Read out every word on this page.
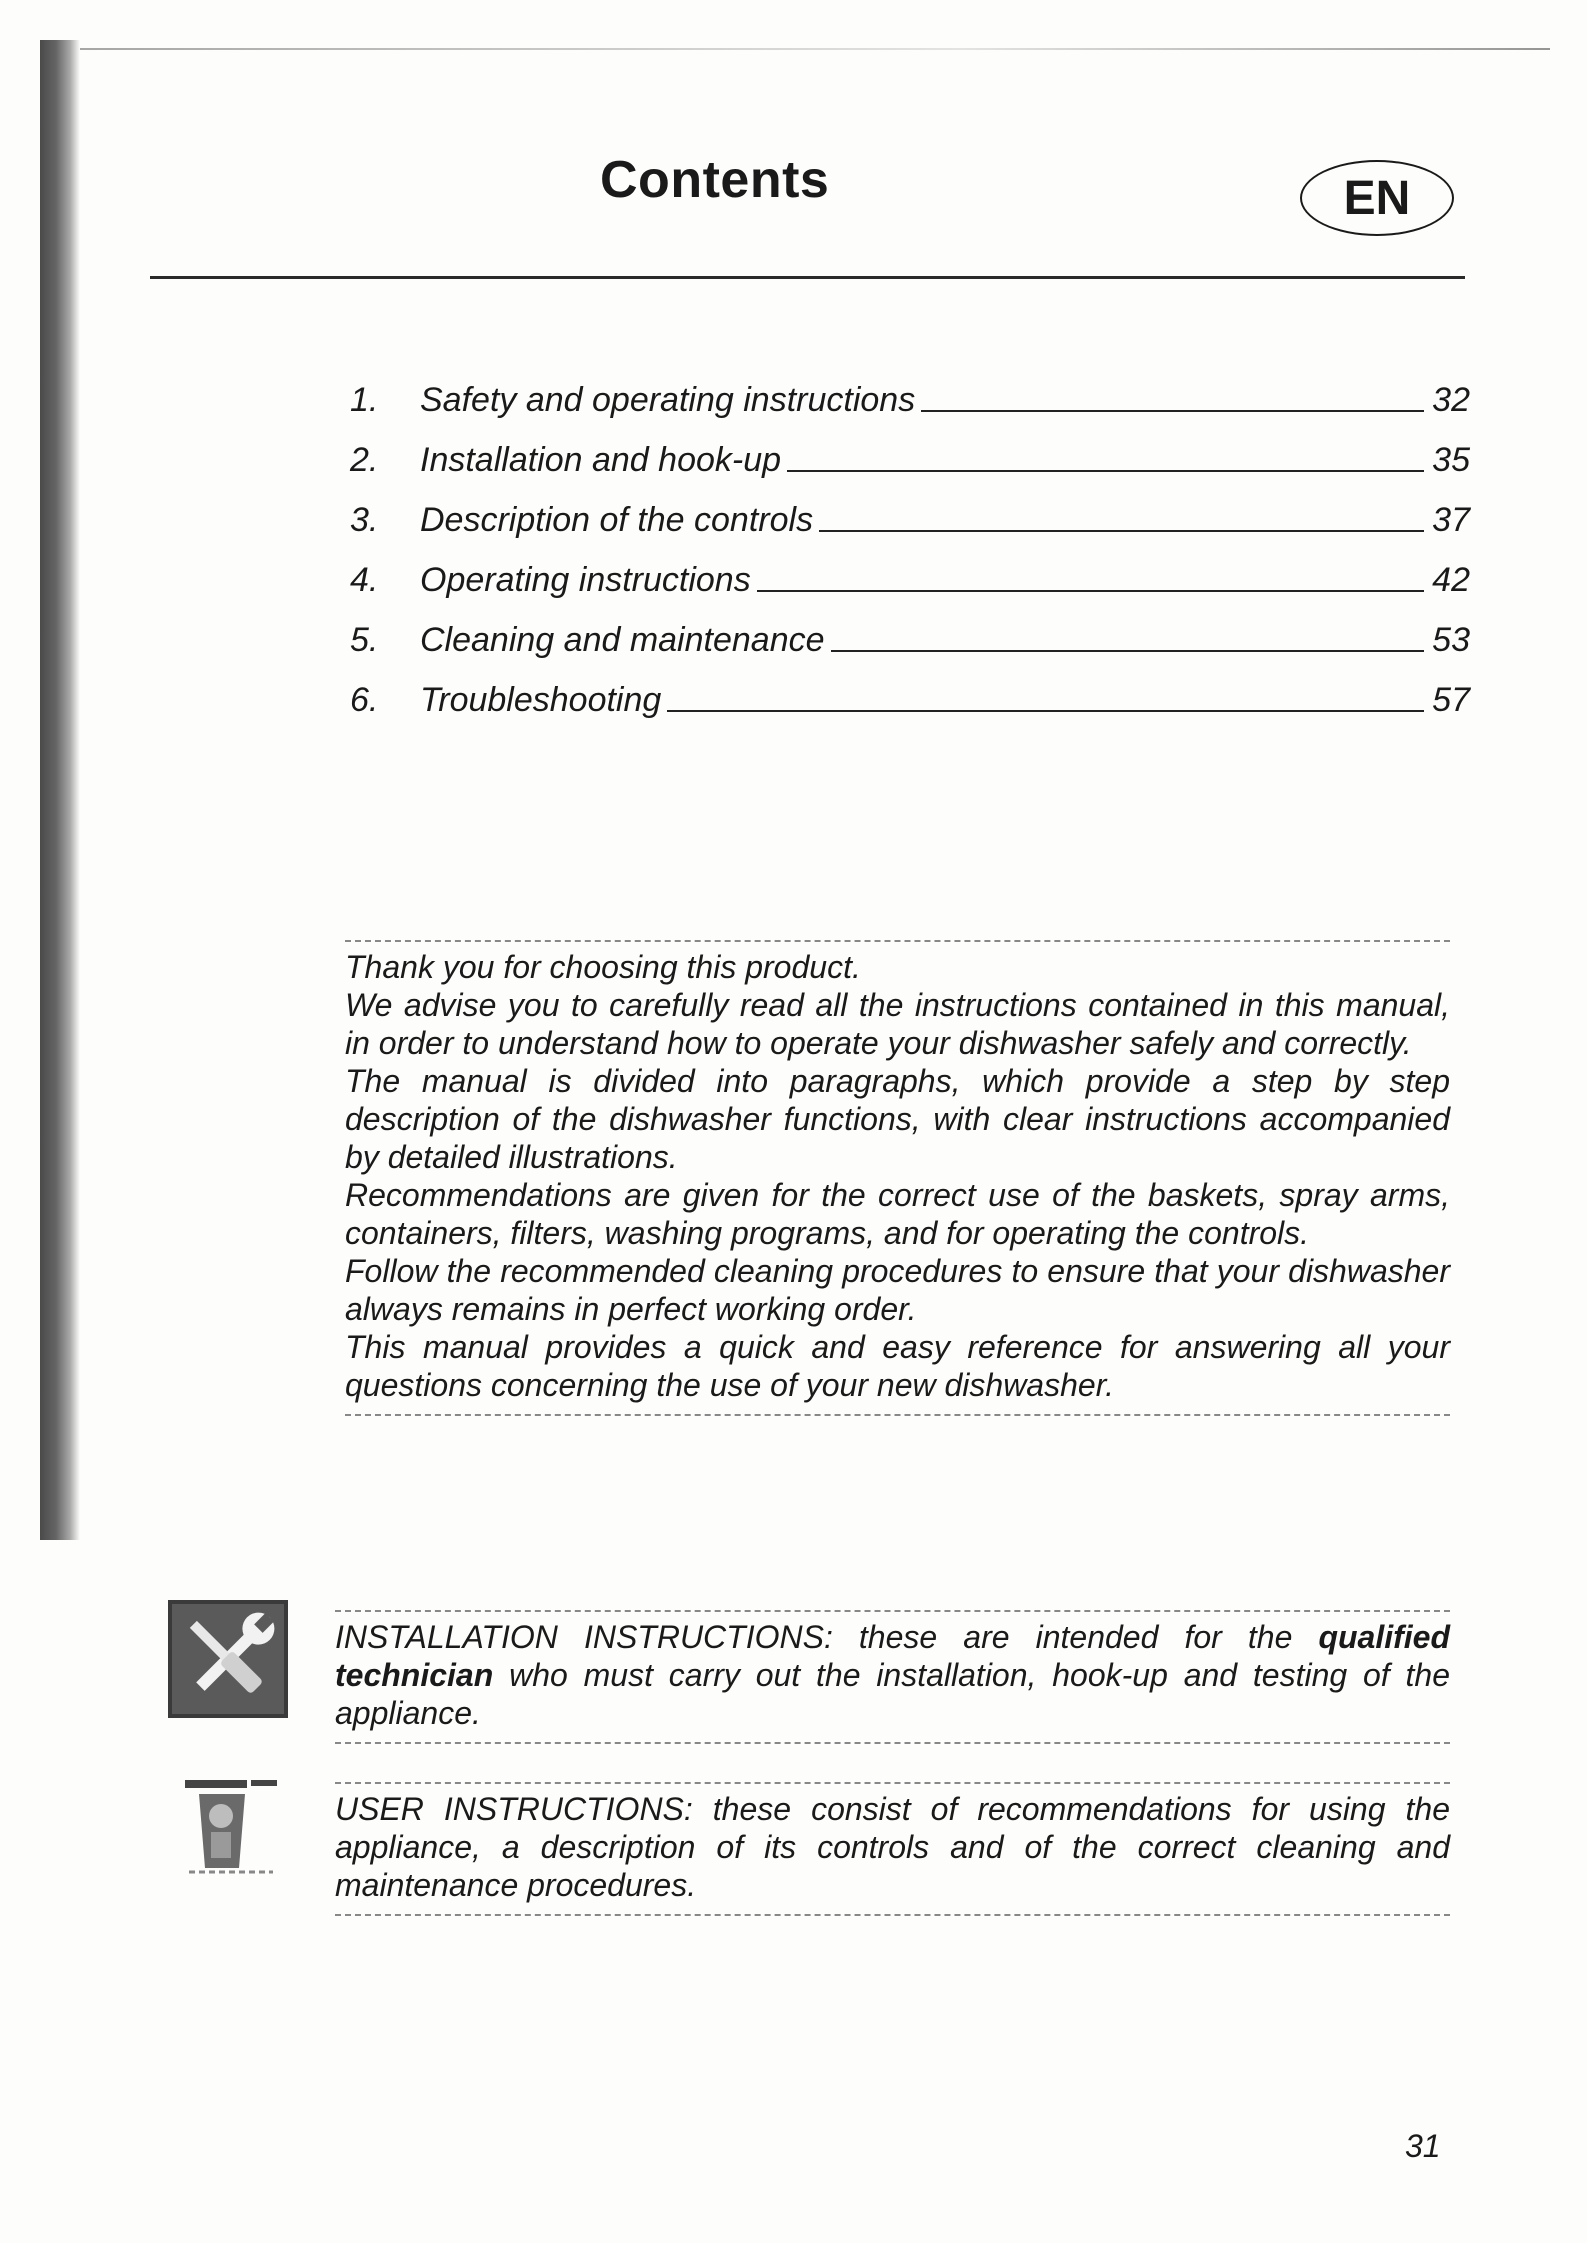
Contents	EN
1.	Safety and operating instructions	32
2.	Installation and hook-up	35
3.	Description of the controls	37
4.	Operating instructions	42
5.	Cleaning and maintenance	53
6.	Troubleshooting	57

Thank you for choosing this product.

We advise you to carefully read all the instructions contained in this manual, in order to understand how to operate your dishwasher safely and correctly.

The manual is divided into paragraphs, which provide a step by step description of the dishwasher functions, with clear instructions accompanied by detailed illustrations.

Recommendations are given for the correct use of the baskets, spray arms, containers, filters, washing programs, and for operating the controls.

Follow the recommended cleaning procedures to ensure that your dishwasher always remains in perfect working order.

This manual provides a quick and easy reference for answering all your questions concerning the use of your new dishwasher.

INSTALLATION INSTRUCTIONS: these are intended for the qualified technician who must carry out the installation, hook-up and testing of the appliance.
USER INSTRUCTIONS: these consist of recommendations for using the appliance, a description of its controls and of the correct cleaning and maintenance procedures.
31
